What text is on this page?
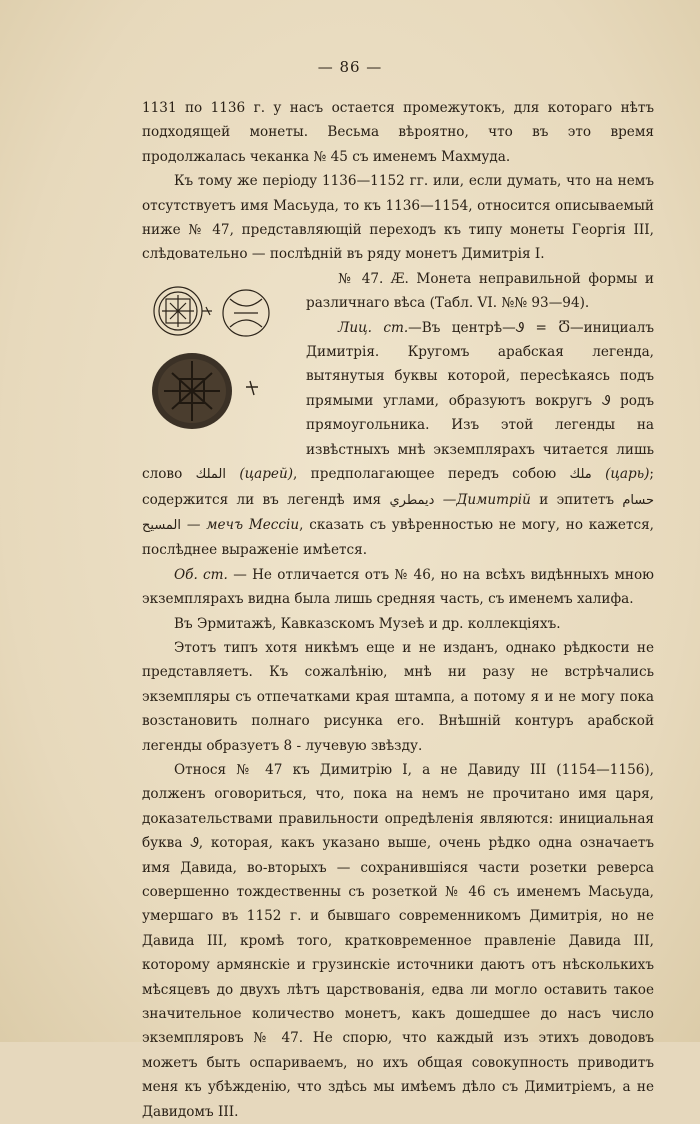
— 86 —

1131 по 1136 г. у насъ остается промежутокъ, для котораго нѣтъ подходящей монеты. Весьма вѣроятно, что въ это время продолжалась чеканка № 45 съ именемъ Махмуда.

Къ тому же періоду 1136—1152 гг. или, если думать, что на немъ отсутствуетъ имя Масьуда, то къ 1136—1154, относится описываемый ниже № 47, представляющій переходъ къ типу монеты Георгія III, слѣдовательно — послѣдній въ ряду монетъ Димитрія I.

№ 47. Æ. Монета неправильной формы и различнаго вѣса (Табл. VI. №№ 93—94).

Лиц. ст.—Въ центрѣ—Ꮽ = Ⴃ—инициалъ Димитрія. Кругомъ арабская легенда, вытянутыя буквы которой, пересѣкаясь подъ прямыми углами, образуютъ вокругъ Ꮽ родъ прямоугольника. Изъ этой легенды на извѣстныхъ мнѣ экземплярахъ читается лишь слово الملك (царей), предполагающее передъ собою ملك (царь); содержится ли въ легендѣ имя ديمطري —Димитрій и эпитетъ حسام المسيح — мечъ Мессіи, сказать съ увѣренностью не могу, но кажется, послѣднее выраженіе имѣется.

Об. ст. — Не отличается отъ № 46, но на всѣхъ видѣнныхъ мною экземплярахъ видна была лишь средняя часть, съ именемъ халифа.

Въ Эрмитажѣ, Кавказскомъ Музеѣ и др. коллекціяхъ.

Этотъ типъ хотя никѣмъ еще и не изданъ, однако рѣдкости не представляетъ. Къ сожалѣнію, мнѣ ни разу не встрѣчались экземпляры съ отпечатками края штампа, а потому я и не могу пока возстановить полнаго рисунка его. Внѣшній контуръ арабской легенды образуетъ 8 - лучевую звѣзду.

Относя № 47 къ Димитрію I, а не Давиду III (1154—1156), долженъ оговориться, что, пока на немъ не прочитано имя царя, доказательствами правильности опредѣленія являются: инициальная буква Ꮽ, которая, какъ указано выше, очень рѣдко одна означаетъ имя Давида, во-вторыхъ — сохранившіяся части розетки реверса совершенно тождественны съ розеткой № 46 съ именемъ Масьуда, умершаго въ 1152 г. и бывшаго современникомъ Димитрія, но не Давида III, кромѣ того, кратковременное правленіе Давида III, которому армянскіе и грузинскіе источники даютъ отъ нѣсколькихъ мѣсяцевъ до двухъ лѣтъ царствованія, едва ли могло оставить такое значительное количество монетъ, какъ дошедшее до насъ число экземпляровъ № 47. Не спорю, что каждый изъ этихъ доводовъ можетъ быть оспариваемъ, но ихъ общая совокупность приводитъ меня къ убѣжденію, что здѣсь мы имѣемъ дѣло съ Димитріемъ, а не Давидомъ III.
